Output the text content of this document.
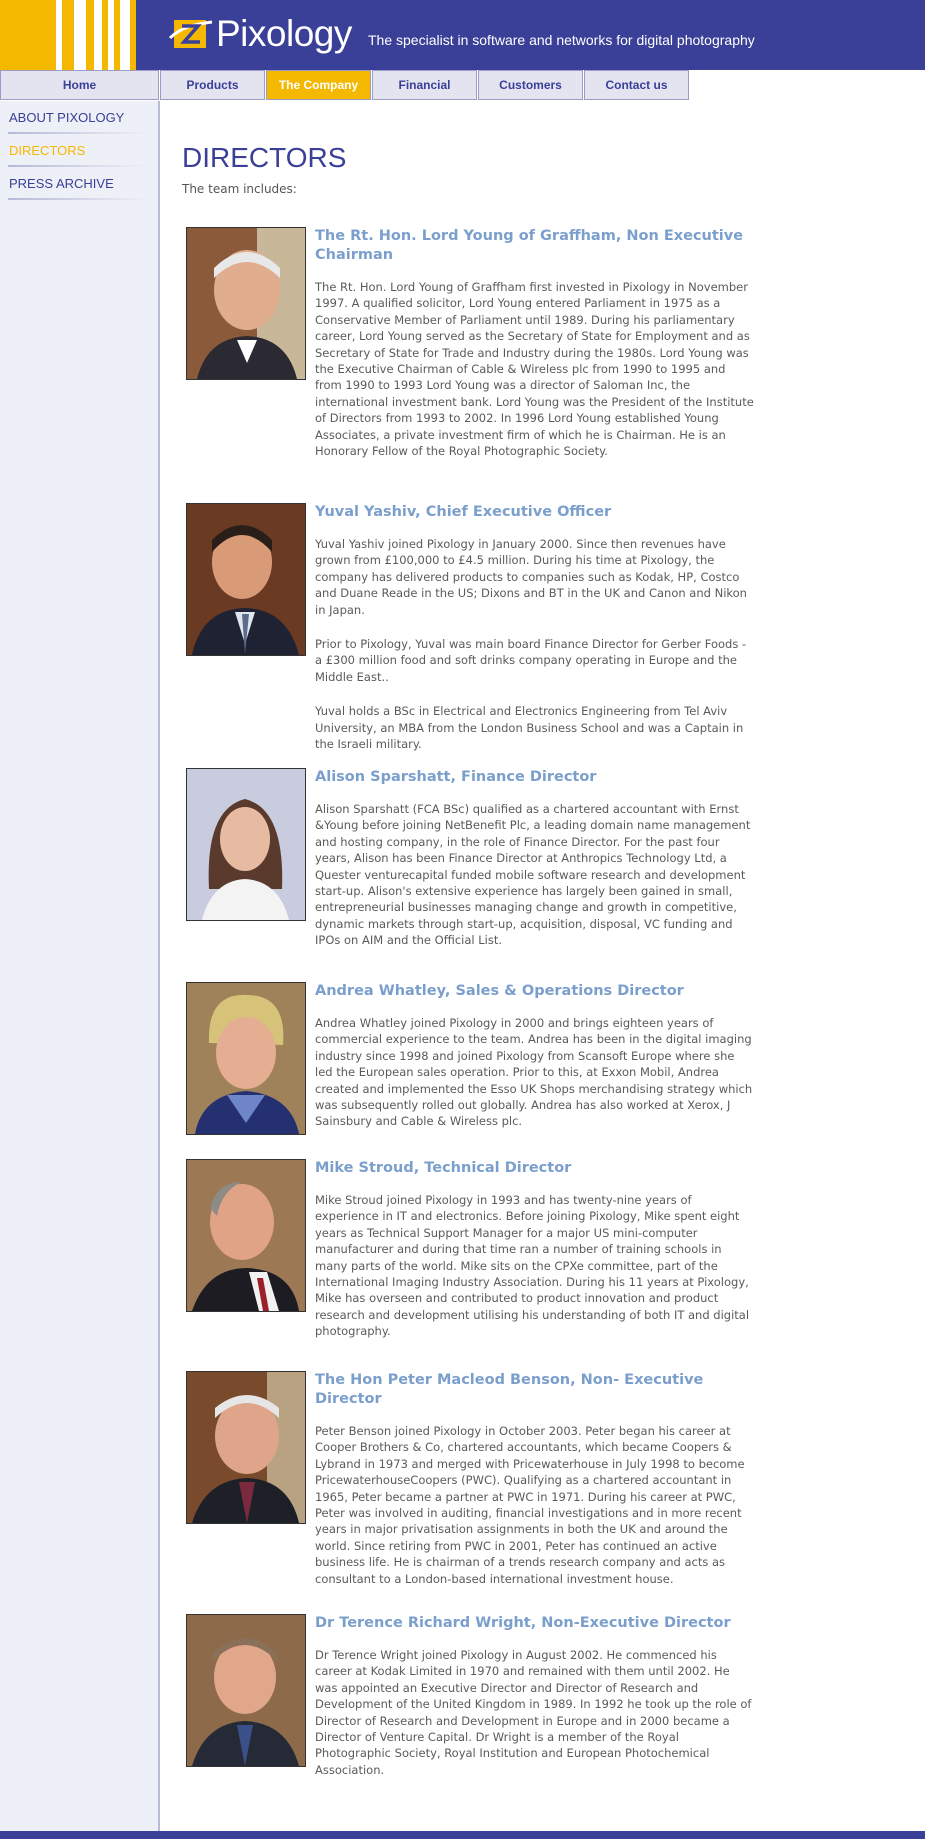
Pixology The specialist in software and networks for digital photography
Home	Products	The Company	Financial	Customers	Contact us
ABOUT PIXOLOGY
DIRECTORS
PRESS ARCHIVE
DIRECTORS
The team includes:

The Rt. Hon. Lord Young of Graffham, Non Executive Chairman

The Rt. Hon. Lord Young of Graffham first invested in Pixology in November 1997. A qualified solicitor, Lord Young entered Parliament in 1975 as a Conservative Member of Parliament until 1989. During his parliamentary career, Lord Young served as the Secretary of State for Employment and as Secretary of State for Trade and Industry during the 1980s. Lord Young was the Executive Chairman of Cable & Wireless plc from 1990 to 1995 and from 1990 to 1993 Lord Young was a director of Saloman Inc, the international investment bank. Lord Young was the President of the Institute of Directors from 1993 to 2002. In 1996 Lord Young established Young Associates, a private investment firm of which he is Chairman. He is an Honorary Fellow of the Royal Photographic Society.

Yuval Yashiv, Chief Executive Officer

Yuval Yashiv joined Pixology in January 2000. Since then revenues have grown from £100,000 to £4.5 million. During his time at Pixology, the company has delivered products to companies such as Kodak, HP, Costco and Duane Reade in the US; Dixons and BT in the UK and Canon and Nikon in Japan.

Prior to Pixology, Yuval was main board Finance Director for Gerber Foods - a £300 million food and soft drinks company operating in Europe and the Middle East..

Yuval holds a BSc in Electrical and Electronics Engineering from Tel Aviv University, an MBA from the London Business School and was a Captain in the Israeli military.

Alison Sparshatt, Finance Director

Alison Sparshatt (FCA BSc) qualified as a chartered accountant with Ernst &Young before joining NetBenefit Plc, a leading domain name management and hosting company, in the role of Finance Director. For the past four years, Alison has been Finance Director at Anthropics Technology Ltd, a Quester venturecapital funded mobile software research and development start-up. Alison's extensive experience has largely been gained in small, entrepreneurial businesses managing change and growth in competitive, dynamic markets through start-up, acquisition, disposal, VC funding and IPOs on AIM and the Official List.

Andrea Whatley, Sales & Operations Director

Andrea Whatley joined Pixology in 2000 and brings eighteen years of commercial experience to the team. Andrea has been in the digital imaging industry since 1998 and joined Pixology from Scansoft Europe where she led the European sales operation. Prior to this, at Exxon Mobil, Andrea created and implemented the Esso UK Shops merchandising strategy which was subsequently rolled out globally. Andrea has also worked at Xerox, J Sainsbury and Cable & Wireless plc.

Mike Stroud, Technical Director

Mike Stroud joined Pixology in 1993 and has twenty-nine years of experience in IT and electronics. Before joining Pixology, Mike spent eight years as Technical Support Manager for a major US mini-computer manufacturer and during that time ran a number of training schools in many parts of the world. Mike sits on the CPXe committee, part of the International Imaging Industry Association. During his 11 years at Pixology, Mike has overseen and contributed to product innovation and product research and development utilising his understanding of both IT and digital photography.

The Hon Peter Macleod Benson, Non- Executive Director

Peter Benson joined Pixology in October 2003. Peter began his career at Cooper Brothers & Co, chartered accountants, which became Coopers & Lybrand in 1973 and merged with Pricewaterhouse in July 1998 to become PricewaterhouseCoopers (PWC). Qualifying as a chartered accountant in 1965, Peter became a partner at PWC in 1971. During his career at PWC, Peter was involved in auditing, financial investigations and in more recent years in major privatisation assignments in both the UK and around the world. Since retiring from PWC in 2001, Peter has continued an active business life. He is chairman of a trends research company and acts as consultant to a London-based international investment house.

Dr Terence Richard Wright, Non-Executive Director

Dr Terence Wright joined Pixology in August 2002. He commenced his career at Kodak Limited in 1970 and remained with them until 2002. He was appointed an Executive Director and Director of Research and Development of the United Kingdom in 1989. In 1992 he took up the role of Director of Research and Development in Europe and in 2000 became a Director of Venture Capital. Dr Wright is a member of the Royal Photographic Society, Royal Institution and European Photochemical Association.
